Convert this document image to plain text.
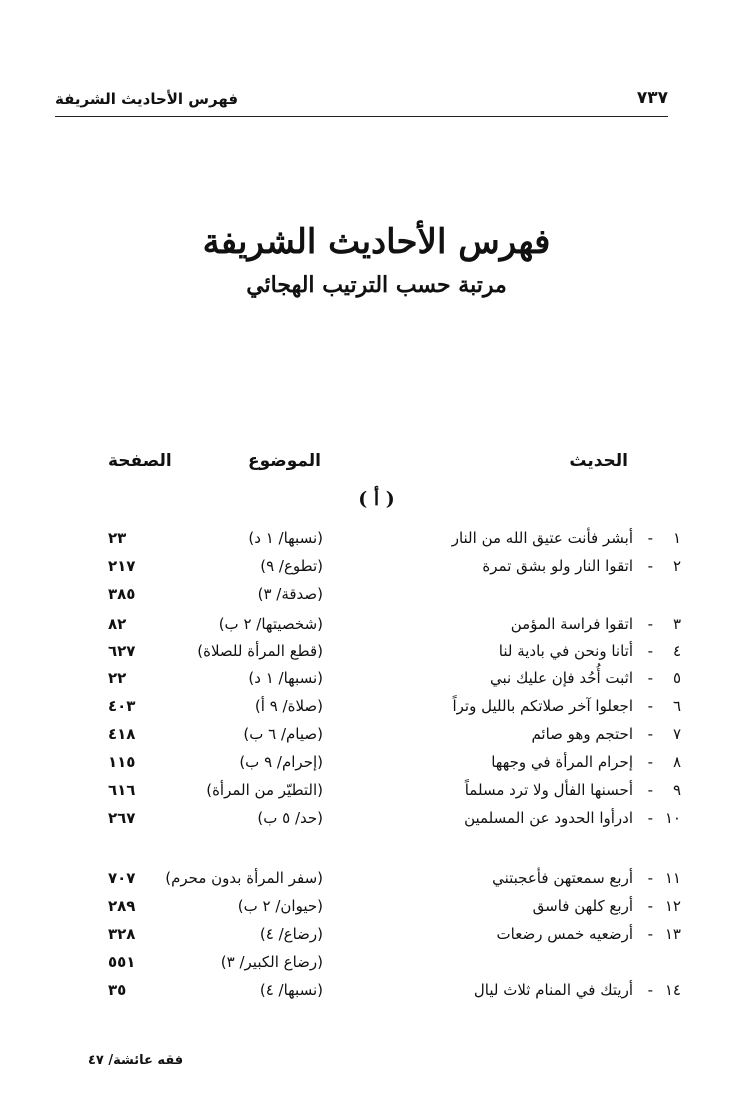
فهرس الأحاديث الشريفة	٧٣٧
فهرس الأحاديث الشريفة
مرتبة حسب الترتيب الهجائي
الحديث
الموضوع
الصفحة
( أ )
١
-
أبشر فأنت عتيق الله من النار
(نسبها/ ١ د)
٢٣
٢
-
اتقوا النار ولو بشق تمرة
(تطوع/ ٩)
٢١٧
(صدقة/ ٣)
٣٨٥
٣
-
اتقوا فراسة المؤمن
(شخصيتها/ ٢ ب)
٨٢
٤
-
أتانا ونحن في بادية لنا
(قطع المرأة للصلاة)
٦٢٧
٥
-
اثبت أُحُد فإن عليك نبي
(نسبها/ ١ د)
٢٢
٦
-
اجعلوا آخر صلاتكم بالليل وتراً
(صلاة/ ٩ أ)
٤٠٣
٧
-
احتجم وهو صائم
(صيام/ ٦ ب)
٤١٨
٨
-
إحرام المرأة في وجهها
(إحرام/ ٩ ب)
١١٥
٩
-
أحسنها الفأل ولا ترد مسلماً
(التطيّر من المرأة)
٦١٦
١٠
-
ادرأوا الحدود عن المسلمين
(حد/ ٥ ب)
٢٦٧
١١
-
أربع سمعتهن فأعجبتني
(سفر المرأة بدون محرم)
٧٠٧
١٢
-
أربع كلهن فاسق
(حيوان/ ٢ ب)
٢٨٩
١٣
-
أرضعيه خمس رضعات
(رضاع/ ٤)
٣٢٨
(رضاع الكبير/ ٣)
٥٥١
١٤
-
أريتك في المنام ثلاث ليال
(نسبها/ ٤)
٣٥
فقه عائشة/ ٤٧
